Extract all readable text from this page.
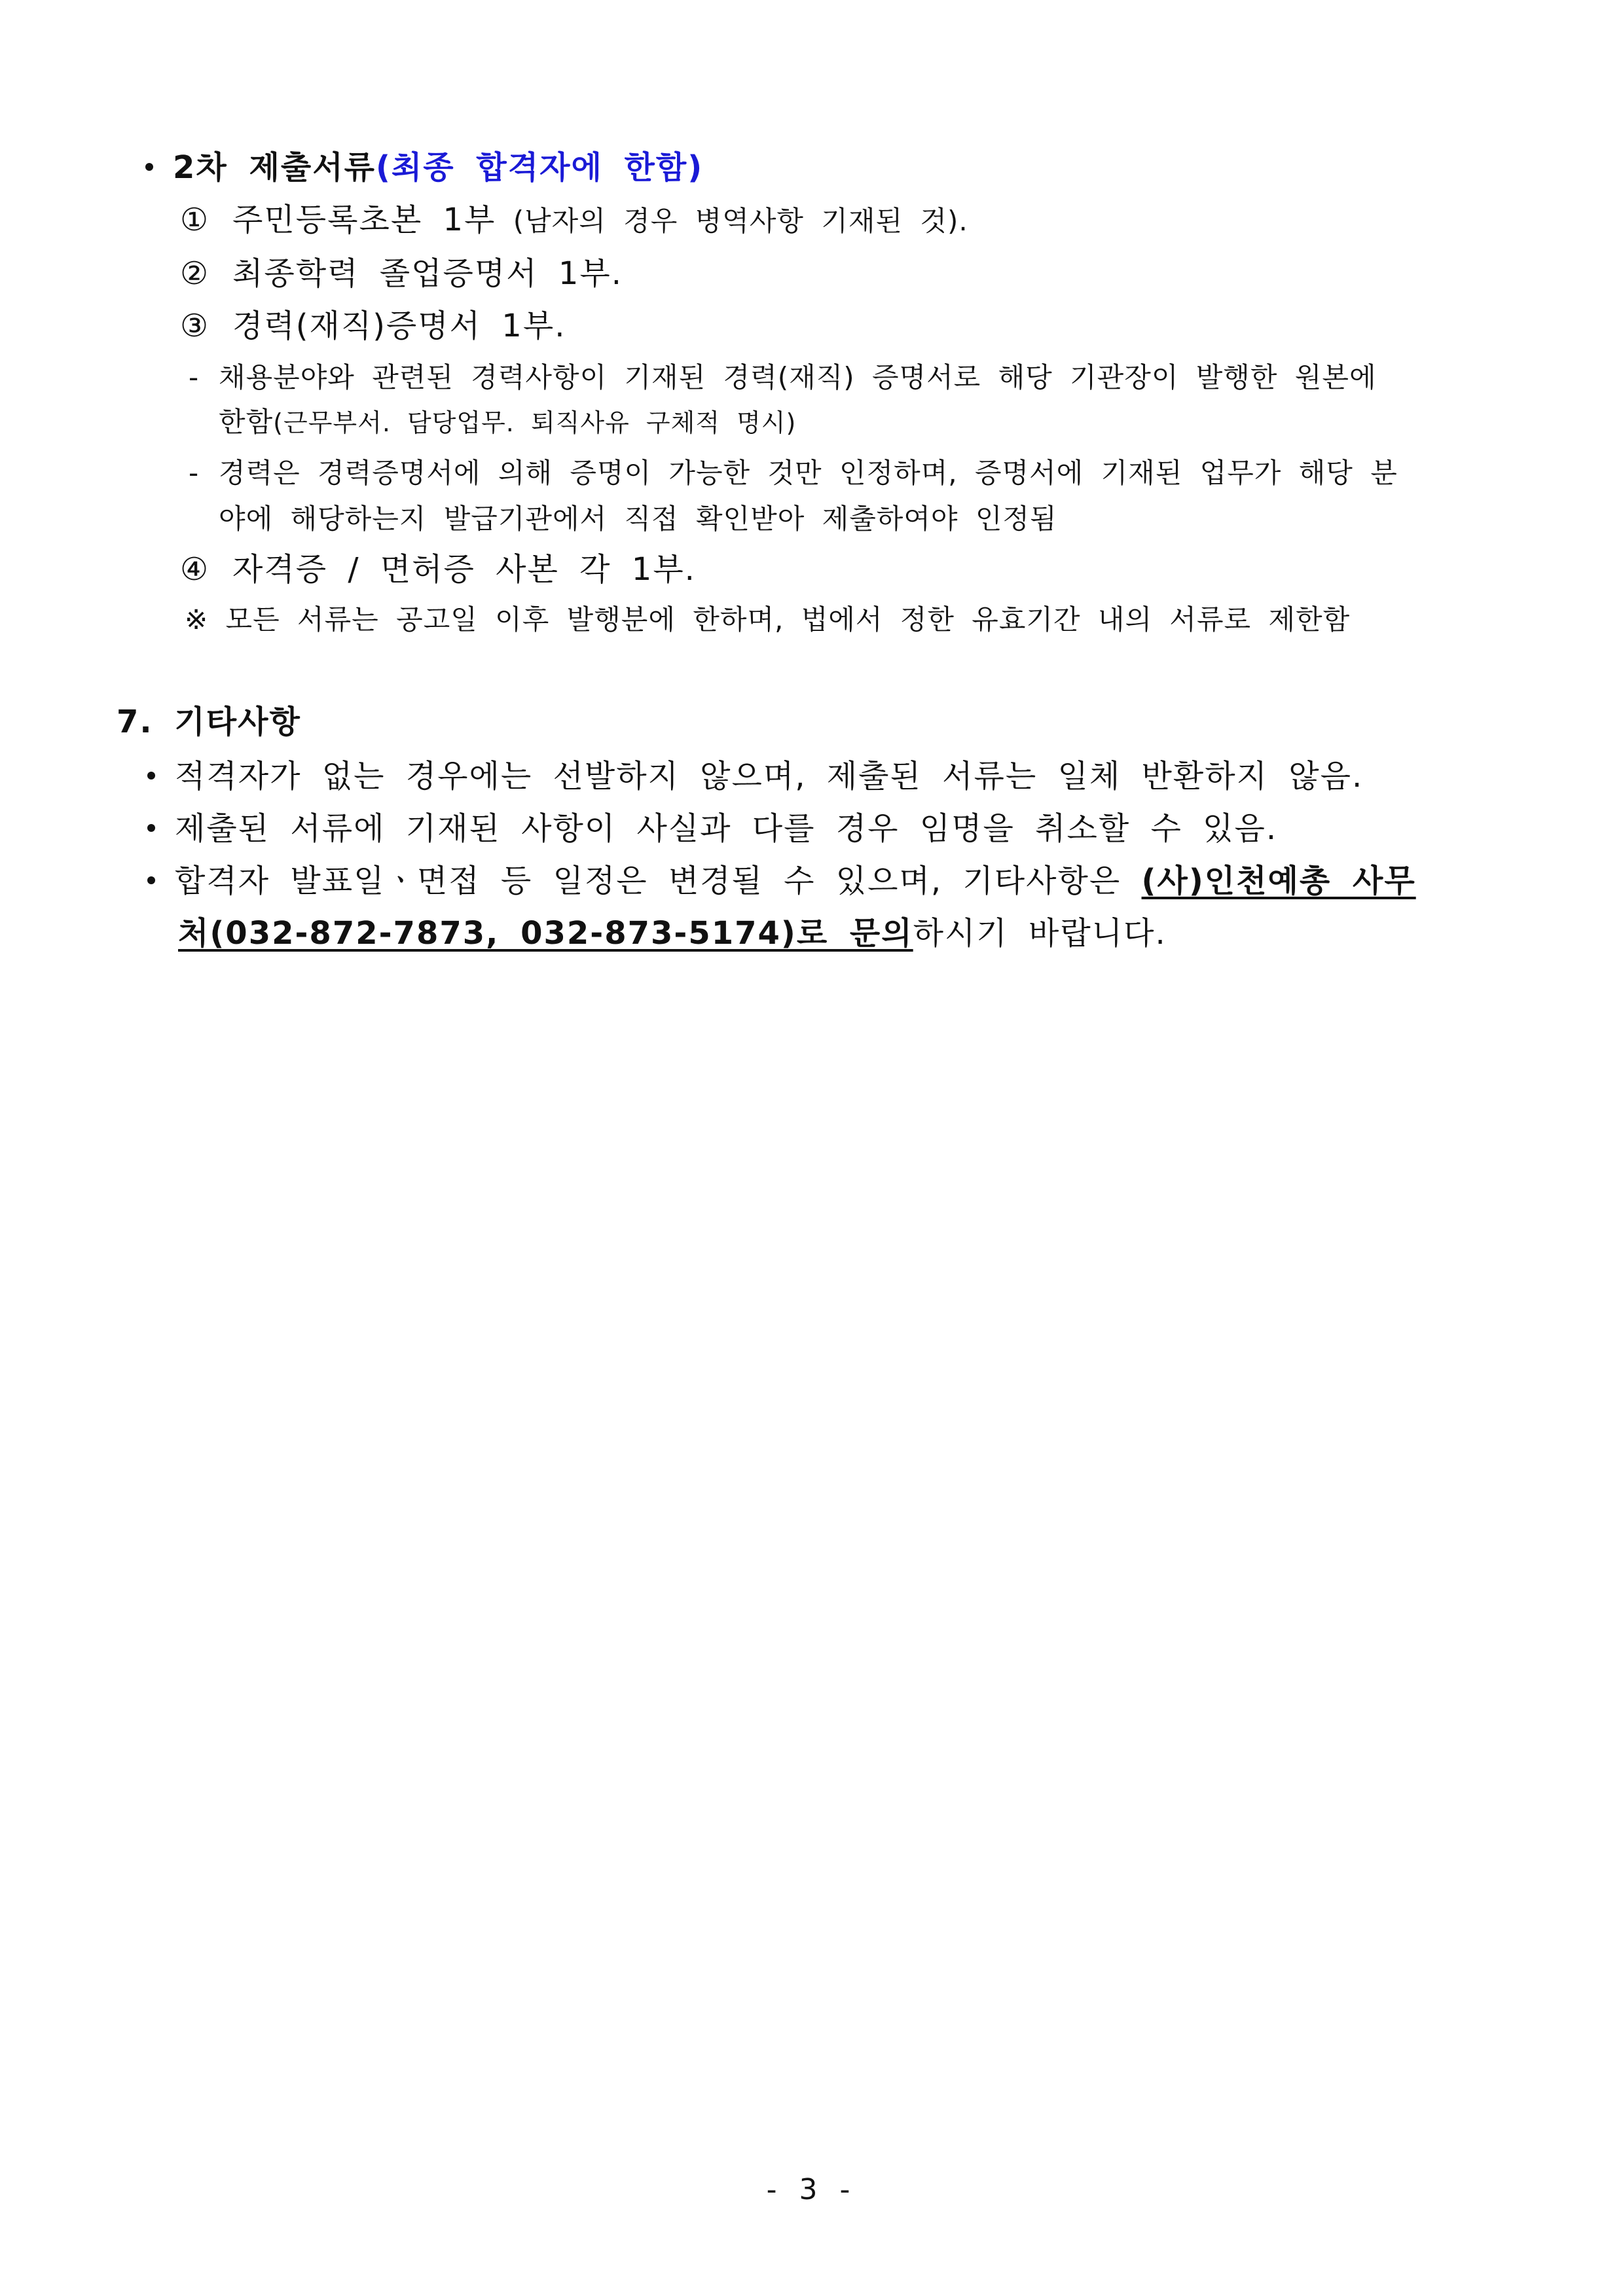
2차 제출서류(최종 합격자에 한함)
① 주민등록초본 1부 (남자의 경우 병역사항 기재된 것).
② 최종학력 졸업증명서 1부.
③ 경력(재직)증명서 1부.
- 채용분야와 관련된 경력사항이 기재된 경력(재직) 증명서로 해당 기관장이 발행한 원본에
한함(근무부서. 담당업무. 퇴직사유 구체적 명시)
- 경력은 경력증명서에 의해 증명이 가능한 것만 인정하며, 증명서에 기재된 업무가 해당 분
야에 해당하는지 발급기관에서 직접 확인받아 제출하여야 인정됨
④ 자격증 / 면허증 사본 각 1부.
※ 모든 서류는 공고일 이후 발행분에 한하며, 법에서 정한 유효기간 내의 서류로 제한함
7. 기타사항
적격자가 없는 경우에는 선발하지 않으며, 제출된 서류는 일체 반환하지 않음.
제출된 서류에 기재된 사항이 사실과 다를 경우 임명을 취소할 수 있음.
합격자 발표일ㆍ면접 등 일정은 변경될 수 있으며, 기타사항은 (사)인천예총 사무
처(032-872-7873, 032-873-5174)로 문의하시기 바랍니다.
- 3 -
